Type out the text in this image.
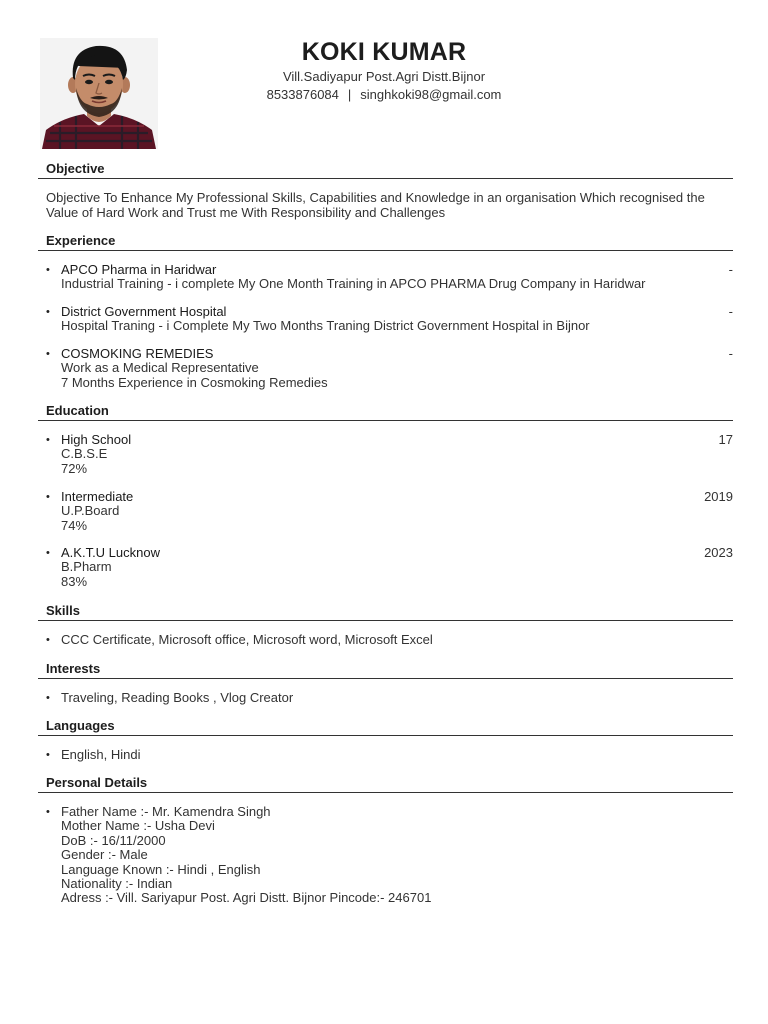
KOKI KUMAR
Vill.Sadiyapur Post.Agri Distt.Bijnor
8533876084 | singhkoki98@gmail.com
Objective
Objective To Enhance My Professional Skills, Capabilities and Knowledge in an organisation Which recognised the
Value of Hard Work and Trust me With Responsibility and Challenges
Experience
• APCO Pharma in Haridwar	-
Industrial Training - i complete My One Month Training in APCO PHARMA Drug Company in Haridwar
• District Government Hospital	-
Hospital Traning - i Complete My Two Months Traning District Government Hospital in Bijnor
• COSMOKING REMEDIES	-
Work as a Medical Representative
7 Months Experience in Cosmoking Remedies
Education
• High School	17
C.B.S.E
72%
• Intermediate	2019
U.P.Board
74%
• A.K.T.U Lucknow	2023
B.Pharm
83%
Skills
• CCC Certificate, Microsoft office, Microsoft word, Microsoft Excel
Interests
• Traveling, Reading Books , Vlog Creator
Languages
• English, Hindi
Personal Details
• Father Name :- Mr. Kamendra Singh
Mother Name :- Usha Devi
DoB :- 16/11/2000
Gender :- Male
Language Known :- Hindi , English
Nationality :- Indian
Adress :- Vill. Sariyapur Post. Agri Distt. Bijnor Pincode:- 246701
